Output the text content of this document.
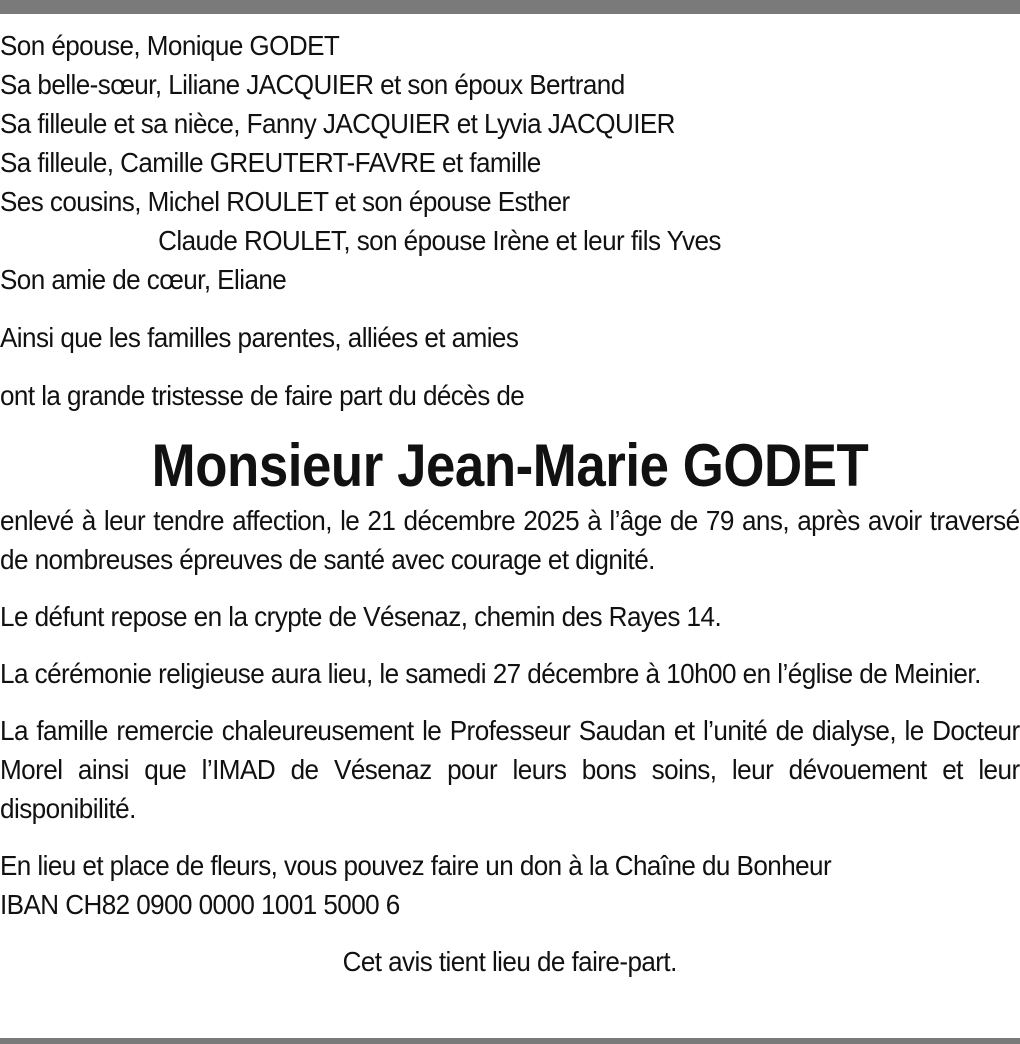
Son épouse, Monique GODET
Sa belle-sœur, Liliane JACQUIER et son époux Bertrand
Sa filleule et sa nièce, Fanny JACQUIER et Lyvia JACQUIER
Sa filleule, Camille GREUTERT-FAVRE et famille
Ses cousins, Michel ROULET et son épouse Esther
Claude ROULET, son épouse Irène et leur fils Yves
Son amie de cœur, Eliane
Ainsi que les familles parentes, alliées et amies
ont la grande tristesse de faire part du décès de
Monsieur Jean-Marie GODET
enlevé à leur tendre affection, le 21 décembre 2025 à l’âge de 79 ans, après avoir traversé de nombreuses épreuves de santé avec courage et dignité.
Le défunt repose en la crypte de Vésenaz, chemin des Rayes 14.
La cérémonie religieuse aura lieu, le samedi 27 décembre à 10h00 en l’église de Meinier.
La famille remercie chaleureusement le Professeur Saudan et l’unité de dialyse, le Docteur Morel ainsi que l’IMAD de Vésenaz pour leurs bons soins, leur dévouement et leur disponibilité.
En lieu et place de fleurs, vous pouvez faire un don à la Chaîne du Bonheur
IBAN CH82 0900 0000 1001 5000 6
Cet avis tient lieu de faire-part.
